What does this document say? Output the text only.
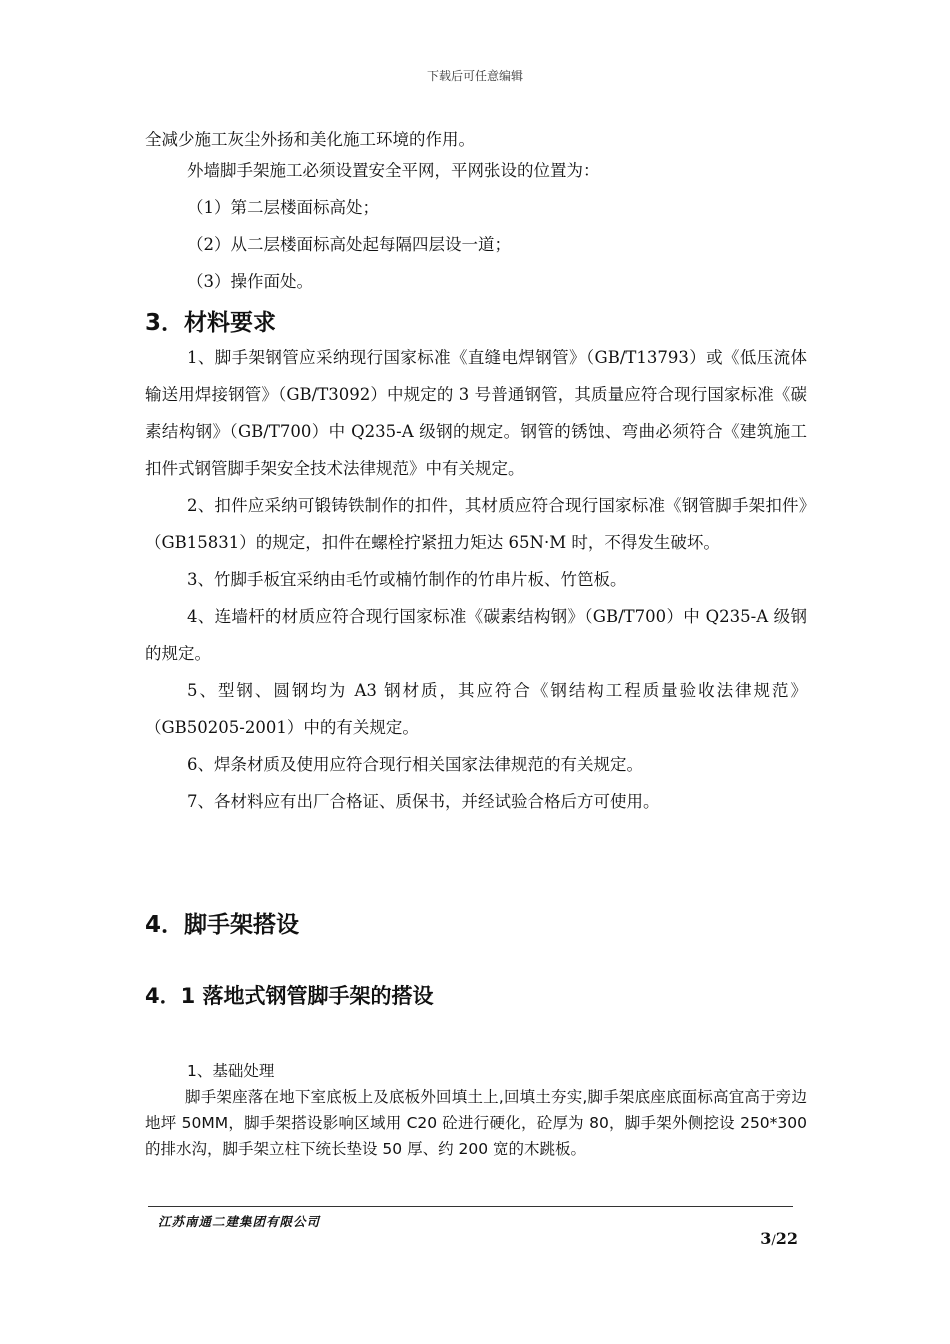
下载后可任意编辑

全减少施工灰尘外扬和美化施工环境的作用。

外墙脚手架施工必须设置安全平网，平网张设的位置为：

（1）第二层楼面标高处；

（2）从二层楼面标高处起每隔四层设一道；

（3）操作面处。

3．材料要求

1、脚手架钢管应采纳现行国家标准《直缝电焊钢管》（GB/T13793）或《低压流体输送用焊接钢管》（GB/T3092）中规定的 3 号普通钢管，其质量应符合现行国家标准《碳素结构钢》（GB/T700）中 Q235-A 级钢的规定。钢管的锈蚀、弯曲必须符合《建筑施工扣件式钢管脚手架安全技术法律规范》中有关规定。

2、扣件应采纳可锻铸铁制作的扣件，其材质应符合现行国家标准《钢管脚手架扣件》（GB15831）的规定，扣件在螺栓拧紧扭力矩达 65N·M 时，不得发生破坏。

3、竹脚手板宜采纳由毛竹或楠竹制作的竹串片板、竹笆板。

4、连墙杆的材质应符合现行国家标准《碳素结构钢》（GB/T700）中 Q235-A 级钢的规定。

5、型钢、圆钢均为 A3 钢材质，其应符合《钢结构工程质量验收法律规范》（GB50205-2001）中的有关规定。

6、焊条材质及使用应符合现行相关国家法律规范的有关规定。

7、各材料应有出厂合格证、质保书，并经试验合格后方可使用。

4．脚手架搭设
4．1 落地式钢管脚手架的搭设

1、基础处理

脚手架座落在地下室底板上及底板外回填土上,回填土夯实,脚手架底座底面标高宜高于旁边地坪 50MM，脚手架搭设影响区域用 C20 砼进行硬化，砼厚为 80，脚手架外侧挖设 250*300 的排水沟，脚手架立柱下统长垫设 50 厚、约 200 宽的木跳板。

江苏南通二建集团有限公司
3/22
